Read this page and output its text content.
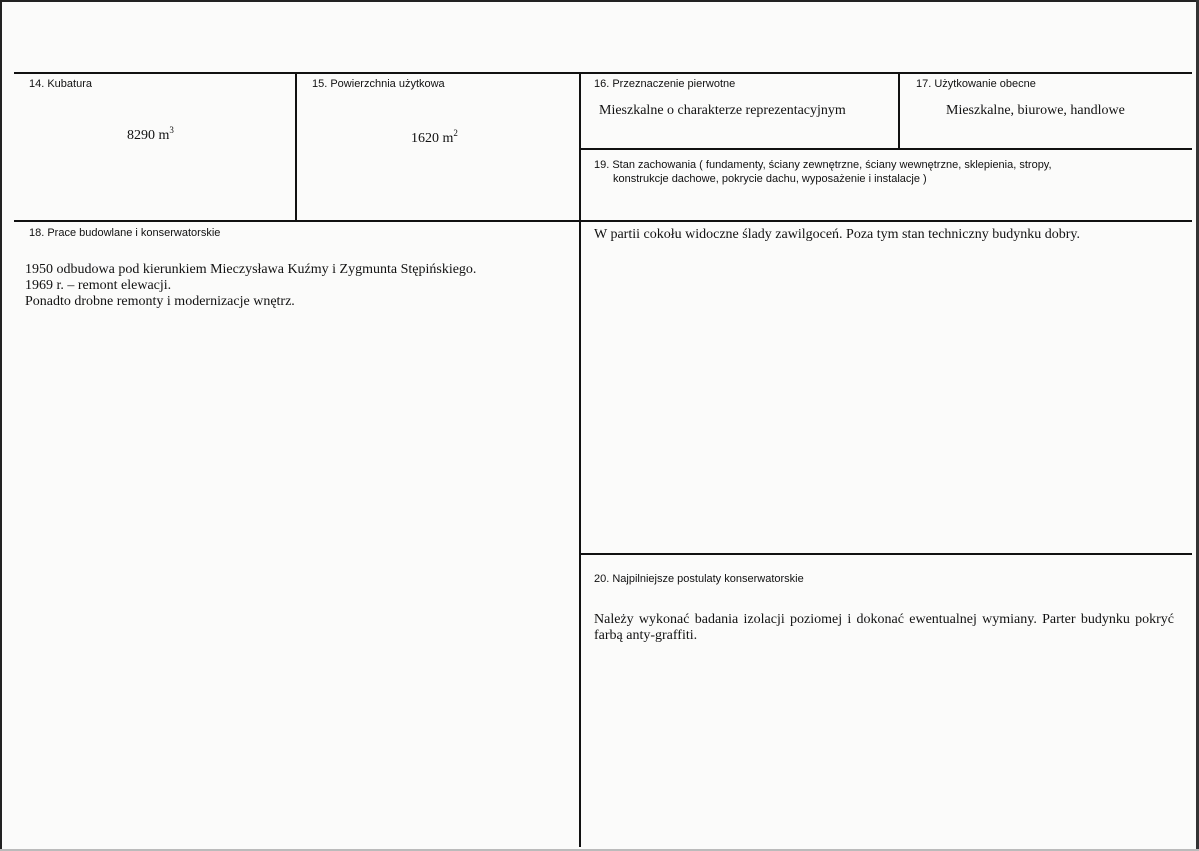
14. Kubatura
8290 $m^3$
15. Powierzchnia użytkowa
1620 $m^2$
16. Przeznaczenie pierwotne
Mieszkalne o charakterze reprezentacyjnym
17. Użytkowanie obecne
Mieszkalne, biurowe, handlowe
19. Stan zachowania ( fundamenty, ściany zewnętrzne, ściany wewnętrzne, sklepienia, stropy,
konstrukcje dachowe, pokrycie dachu, wyposażenie i instalacje )
W partii cokołu widoczne ślady zawilgoceń. Poza tym stan techniczny budynku dobry.
18. Prace budowlane i konserwatorskie
1950 odbudowa pod kierunkiem Mieczysława Kuźmy i Zygmunta Stępińskiego.
1969 r. – remont elewacji.
Ponadto drobne remonty i modernizacje wnętrz.
20. Najpilniejsze postulaty konserwatorskie
Należy wykonać badania izolacji poziomej i dokonać ewentualnej wymiany. Parter budynku pokryć farbą anty-graffiti.
